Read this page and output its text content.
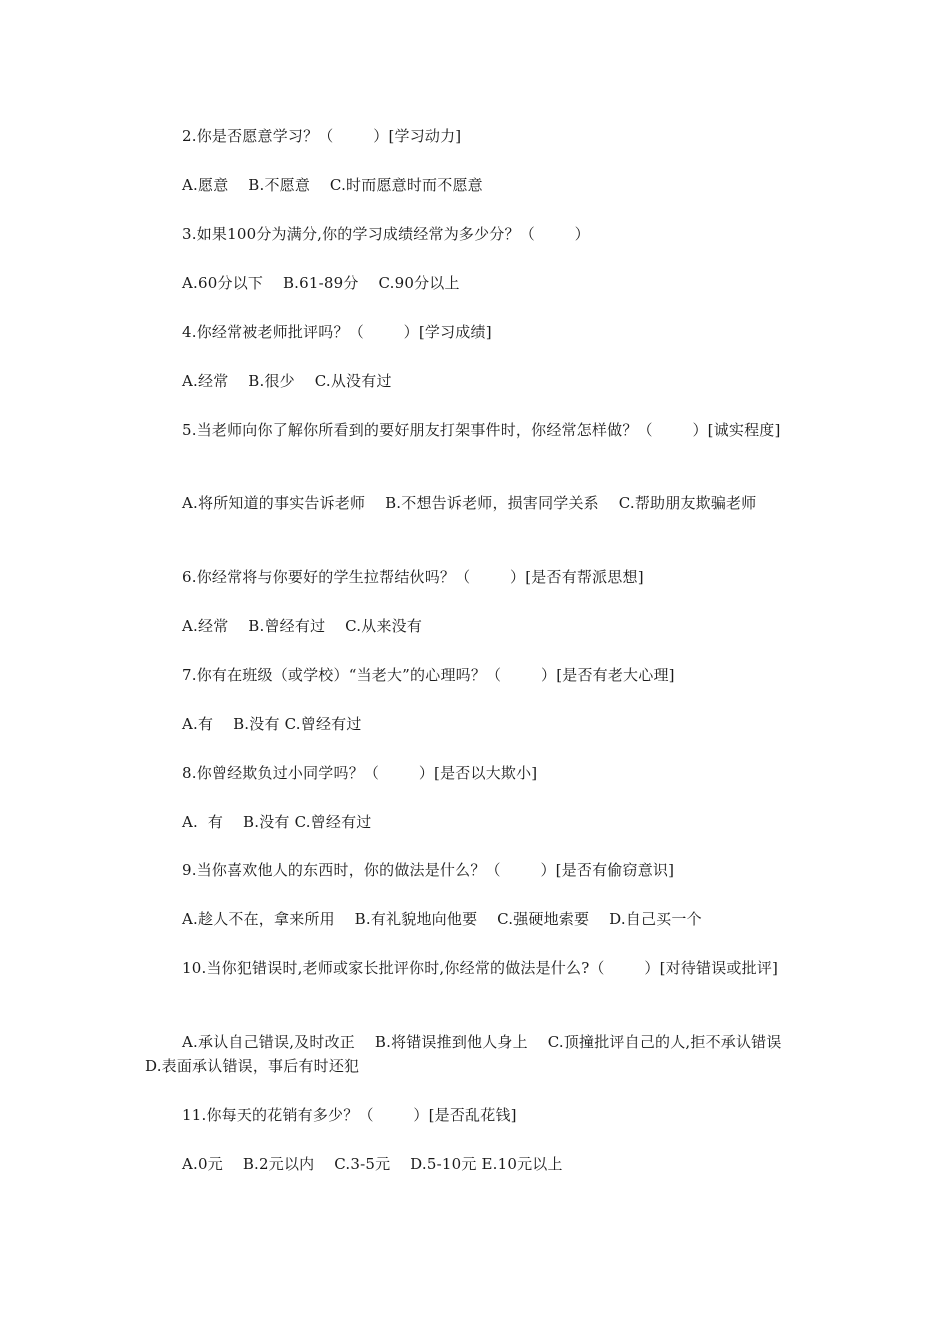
2.你是否愿意学习？（        ）[学习动力]
A.愿意    B.不愿意    C.时而愿意时而不愿意
3.如果100分为满分,你的学习成绩经常为多少分？（        ）
A.60分以下    B.61-89分    C.90分以上
4.你经常被老师批评吗？（        ）[学习成绩]
A.经常    B.很少    C.从没有过
5.当老师向你了解你所看到的要好朋友打架事件时，你经常怎样做？（        ）[诚实程度]
A.将所知道的事实告诉老师    B.不想告诉老师，损害同学关系    C.帮助朋友欺骗老师
6.你经常将与你要好的学生拉帮结伙吗？（        ）[是否有帮派思想]
A.经常    B.曾经有过    C.从来没有
7.你有在班级（或学校）“当老大”的心理吗？（        ）[是否有老大心理]
A.有    B.没有 C.曾经有过
8.你曾经欺负过小同学吗？（        ）[是否以大欺小]
A.  有    B.没有 C.曾经有过
9.当你喜欢他人的东西时，你的做法是什么？（        ）[是否有偷窃意识]
A.趁人不在，拿来所用    B.有礼貌地向他要    C.强硬地索要    D.自己买一个
10.当你犯错误时,老师或家长批评你时,你经常的做法是什么?（        ）[对待错误或批评]
A.承认自己错误,及时改正    B.将错误推到他人身上    C.顶撞批评自己的人,拒不承认错误    D.表面承认错误，事后有时还犯
11.你每天的花销有多少？（        ）[是否乱花钱]
A.0元    B.2元以内    C.3-5元    D.5-10元 E.10元以上
